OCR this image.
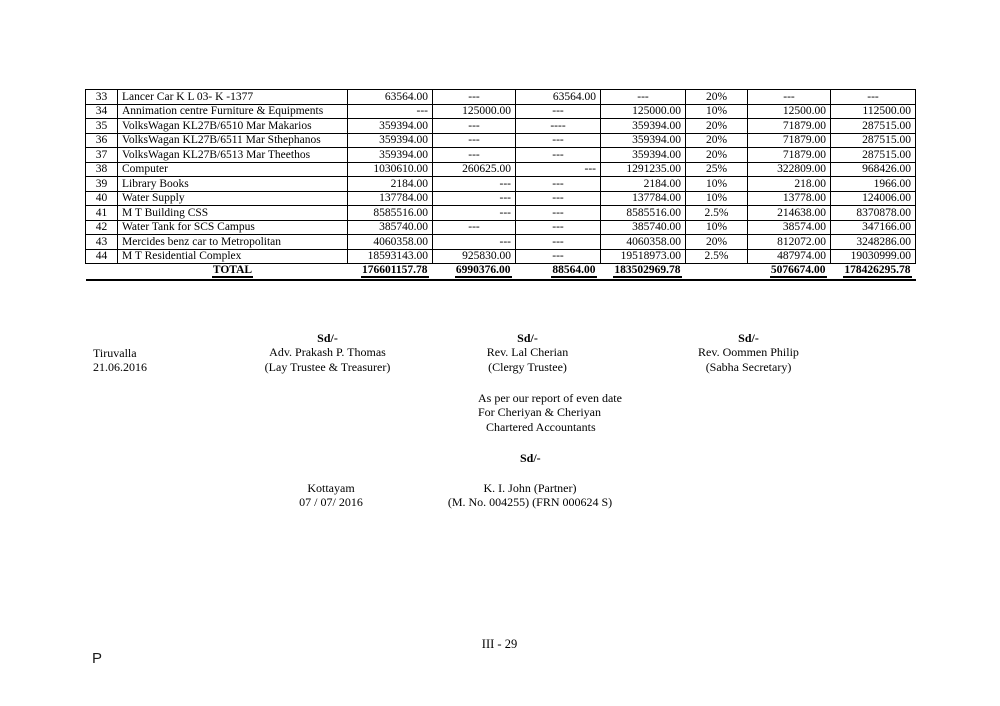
33	Lancer Car K L 03- K -1377	63564.00	---	63564.00	---	20%	---	---
34	Annimation centre Furniture & Equipments	---	125000.00	---	125000.00	10%	12500.00	112500.00
35	VolksWagan KL27B/6510 Mar Makarios	359394.00	---	----	359394.00	20%	71879.00	287515.00
36	VolksWagan KL27B/6511 Mar Sthephanos	359394.00	---	---	359394.00	20%	71879.00	287515.00
37	VolksWagan KL27B/6513 Mar Theethos	359394.00	---	---	359394.00	20%	71879.00	287515.00
38	Computer	1030610.00	260625.00	---	1291235.00	25%	322809.00	968426.00
39	Library Books	2184.00	---	---	2184.00	10%	218.00	1966.00
40	Water Supply	137784.00	---	---	137784.00	10%	13778.00	124006.00
41	M T Building CSS	8585516.00	---	---	8585516.00	2.5%	214638.00	8370878.00
42	Water Tank for SCS Campus	385740.00	---	---	385740.00	10%	38574.00	347166.00
43	Mercides benz car to Metropolitan	4060358.00	---	---	4060358.00	20%	812072.00	3248286.00
44	M T Residential Complex	18593143.00	925830.00	---	19518973.00	2.5%	487974.00	19030999.00
	TOTAL	176601157.78	6990376.00	88564.00	183502969.78		5076674.00	178426295.78
Tiruvalla
21.06.2016
Sd/-
Adv. Prakash P. Thomas
(Lay Trustee & Treasurer)
Sd/-
Rev. Lal Cherian
(Clergy Trustee)
Sd/-
Rev. Oommen Philip
(Sabha Secretary)
As per our report of even date
For Cheriyan & Cheriyan
Chartered Accountants
Sd/-
Kottayam
07 / 07/ 2016
K. I. John (Partner)
(M. No. 004255) (FRN 000624 S)
III - 29
P
